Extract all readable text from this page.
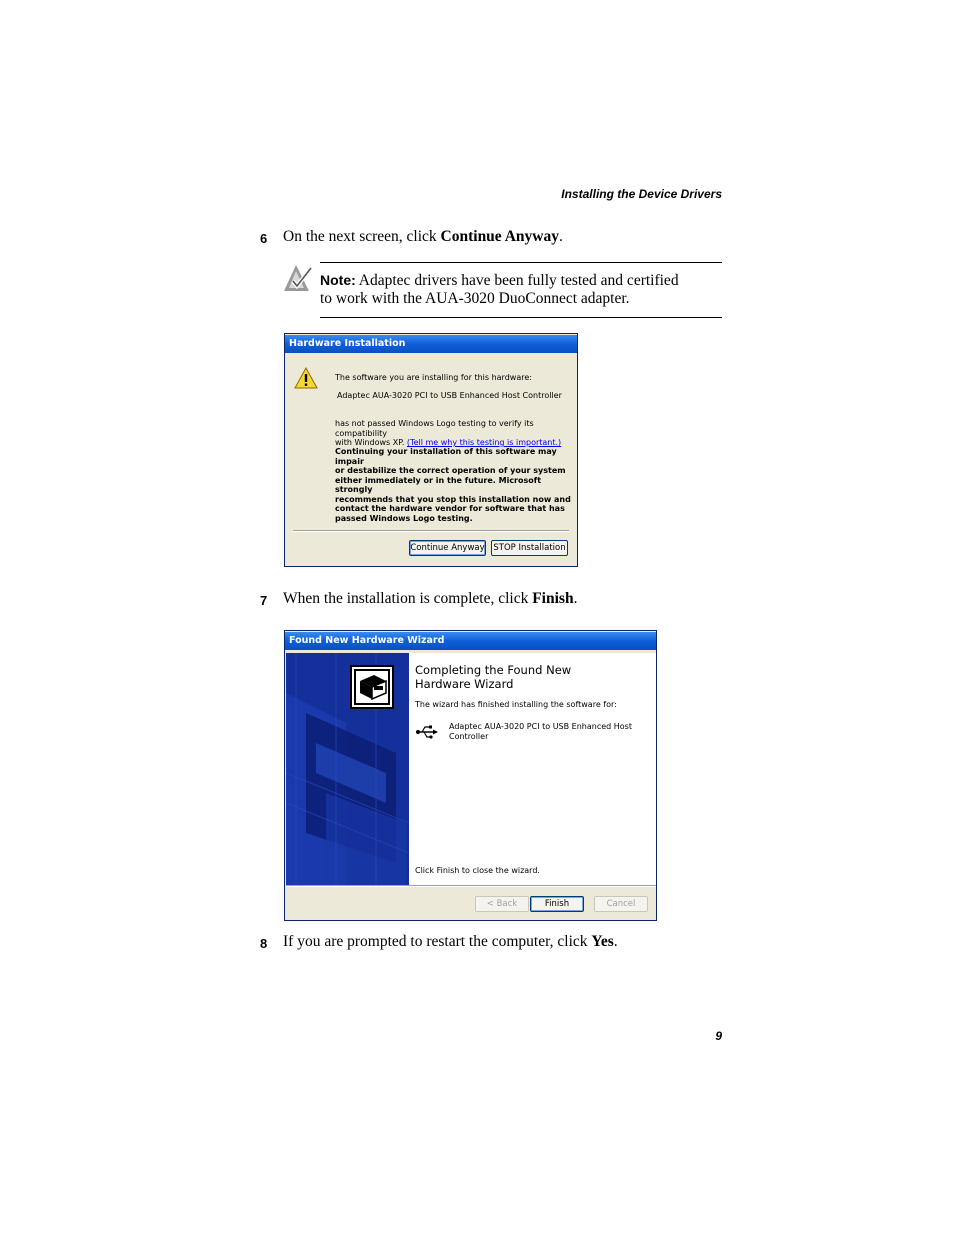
Installing the Device Drivers
6 On the next screen, click Continue Anyway.
Note: Adaptec drivers have been fully tested and certified
to work with the AUA-3020 DuoConnect adapter.
Hardware Installation
The software you are installing for this hardware:
Adaptec AUA-3020 PCI to USB Enhanced Host Controller
has not passed Windows Logo testing to verify its compatibility
with Windows XP. (Tell me why this testing is important.)
Continuing your installation of this software may impair
or destabilize the correct operation of your system
either immediately or in the future. Microsoft strongly
recommends that you stop this installation now and
contact the hardware vendor for software that has
passed Windows Logo testing.
Continue Anyway STOP Installation
7 When the installation is complete, click Finish.
Found New Hardware Wizard
Completing the Found New
Hardware Wizard
The wizard has finished installing the software for:
Adaptec AUA-3020 PCI to USB Enhanced Host
Controller
Click Finish to close the wizard.
< Back	Finish	Cancel
8 If you are prompted to restart the computer, click Yes.
9
